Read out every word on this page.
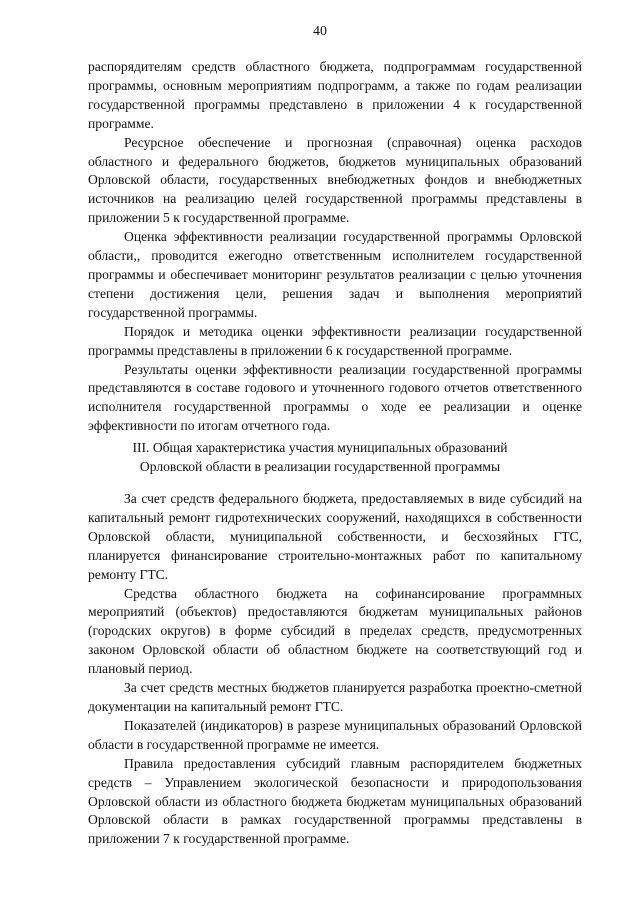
40

распорядителям средств областного бюджета, подпрограммам государственной программы, основным мероприятиям подпрограмм, а также по годам реализации государственной программы представлено в приложении 4 к государственной программе.

Ресурсное обеспечение и прогнозная (справочная) оценка расходов областного и федерального бюджетов, бюджетов муниципальных образований Орловской области, государственных внебюджетных фондов и внебюджетных источников на реализацию целей государственной программы представлены в приложении 5 к государственной программе.

Оценка эффективности реализации государственной программы Орловской области,, проводится ежегодно ответственным исполнителем государственной программы и обеспечивает мониторинг результатов реализации с целью уточнения степени достижения цели, решения задач и выполнения мероприятий государственной программы.

Порядок и методика оценки эффективности реализации государственной программы представлены в приложении 6 к государственной программе.

Результаты оценки эффективности реализации государственной программы представляются в составе годового и уточненного годового отчетов ответственного исполнителя государственной программы о ходе ее реализации и оценке эффективности по итогам отчетного года.

III. Общая характеристика участия муниципальных образований
Орловской области в реализации государственной программы

За счет средств федерального бюджета, предоставляемых в виде субсидий на капитальный ремонт гидротехнических сооружений, находящихся в собственности Орловской области, муниципальной собственности, и бесхозяйных ГТС, планируется финансирование строительно-монтажных работ по капитальному ремонту ГТС.

Средства областного бюджета на софинансирование программных мероприятий (объектов) предоставляются бюджетам муниципальных районов (городских округов) в форме субсидий в пределах средств, предусмотренных законом Орловской области об областном бюджете на соответствующий год и плановый период.

За счет средств местных бюджетов планируется разработка проектно-сметной документации на капитальный ремонт ГТС.

Показателей (индикаторов) в разрезе муниципальных образований Орловской области в государственной программе не имеется.

Правила предоставления субсидий главным распорядителем бюджетных средств – Управлением экологической безопасности и природопользования Орловской области из областного бюджета бюджетам муниципальных образований Орловской области в рамках государственной программы представлены в приложении 7 к государственной программе.
